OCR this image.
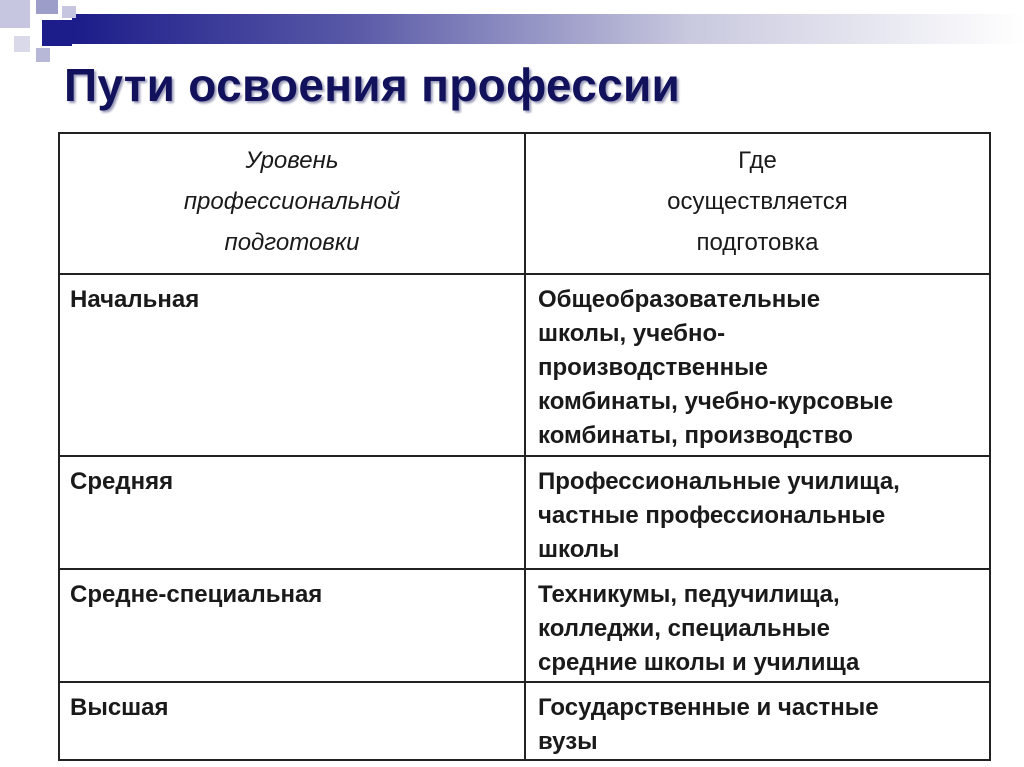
Пути освоения профессии
Уровень
профессиональной
подготовки	Где
осуществляется
подготовка

Начальная	Общеобразовательные
школы, учебно-
производственные
комбинаты, учебно-курсовые
комбинаты, производство

Средняя	Профессиональные училища,
частные профессиональные
школы

Средне-специальная	Техникумы, педучилища,
колледжи, специальные
средние школы и училища

Высшая	Государственные и частные
вузы
